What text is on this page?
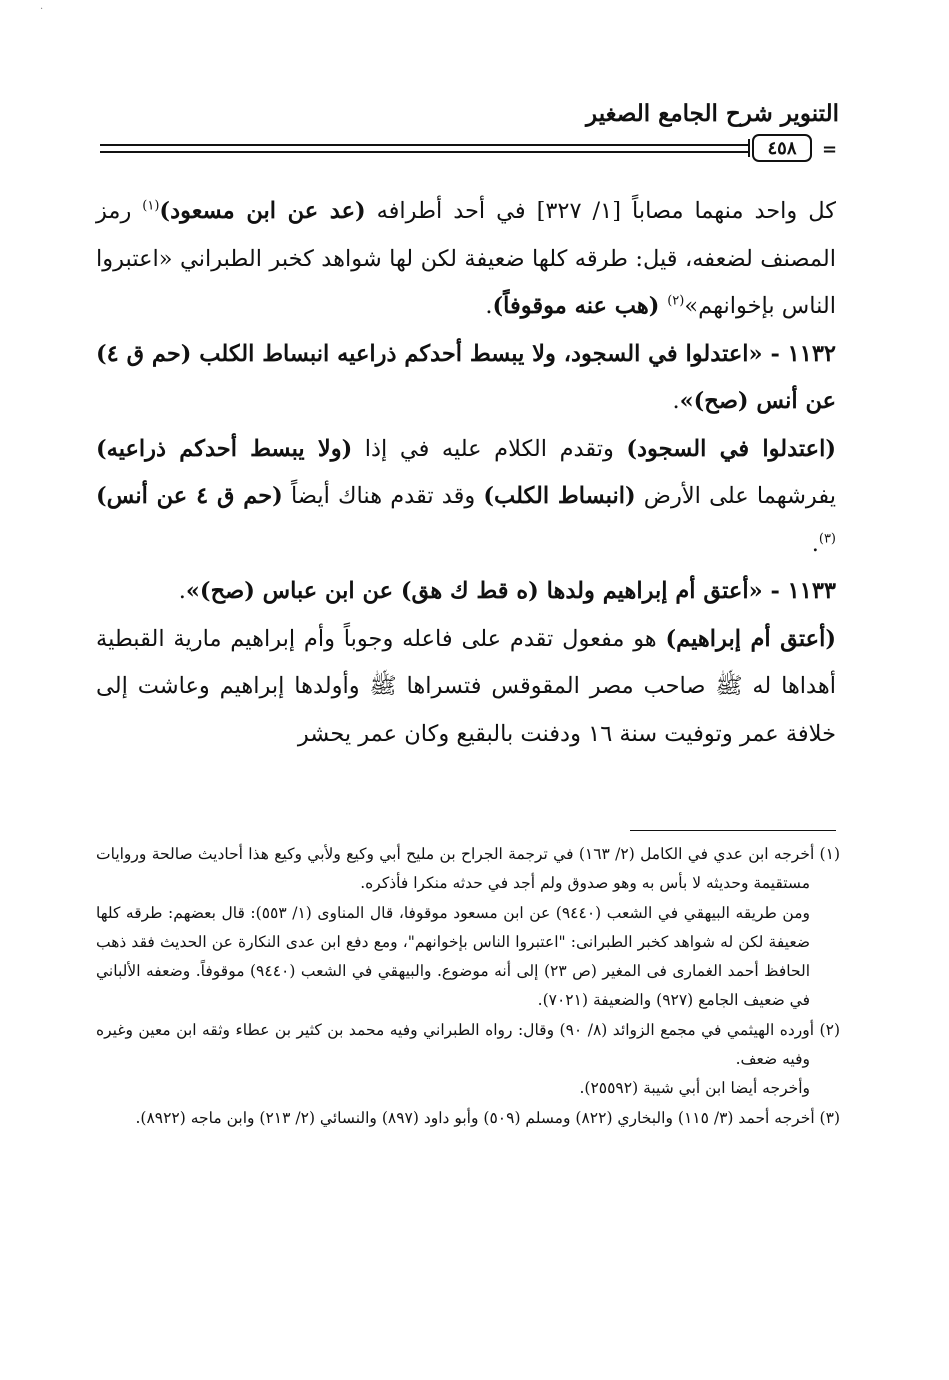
·
التنوير شرح الجامع الصغير
٤٥٨	=

كل واحد منهما مصاباً [١/ ٣٢٧] في أحد أطرافه (عد عن ابن مسعود)$^{(١)}$ رمز المصنف لضعفه، قيل: طرقه كلها ضعيفة لكن لها شواهد كخبر الطبراني «اعتبروا الناس بإخوانهم»$^{(٢)}$ (هب عنه موقوفاً).

١١٣٢ - «اعتدلوا في السجود، ولا يبسط أحدكم ذراعيه انبساط الكلب (حم ق ٤) عن أنس (صح)».

(اعتدلوا في السجود) وتقدم الكلام عليه في إذا (ولا يبسط أحدكم ذراعيه) يفرشهما على الأرض (انبساط الكلب) وقد تقدم هناك أيضاً (حم ق ٤ عن أنس)$^{(٣)}$.

١١٣٣ - «أعتق أم إبراهيم ولدها (ه قط ك هق) عن ابن عباس (صح)».

(أعتق أم إبراهيم) هو مفعول تقدم على فاعله وجوباً وأم إبراهيم مارية القبطية أهداها له ﷺ صاحب مصر المقوقس فتسراها ﷺ وأولدها إبراهيم وعاشت إلى خلافة عمر وتوفيت سنة ١٦ ودفنت بالبقيع وكان عمر يحشر

(١) أخرجه ابن عدي في الكامل (٢/ ١٦٣) في ترجمة الجراح بن مليح أبي وكيع ولأبي وكيع هذا أحاديث صالحة وروايات مستقيمة وحديثه لا بأس به وهو صدوق ولم أجد في حدثه منكرا فأذكره.

ومن طريقه البيهقي في الشعب (٩٤٤٠) عن ابن مسعود موقوفا، قال المناوى (١/ ٥٥٣): قال بعضهم: طرقه كلها ضعيفة لكن له شواهد كخبر الطبرانى: "اعتبروا الناس بإخوانهم"، ومع دفع ابن عدى النكارة عن الحديث فقد ذهب الحافظ أحمد الغمارى فى المغير (ص ٢٣) إلى أنه موضوع. والبيهقي في الشعب (٩٤٤٠) موقوفاً. وضعفه الألباني في ضعيف الجامع (٩٢٧) والضعيفة (٧٠٢١).

(٢) أورده الهيثمي في مجمع الزوائد (٨/ ٩٠) وقال: رواه الطبراني وفيه محمد بن كثير بن عطاء وثقه ابن معين وغيره وفيه ضعف.

وأخرجه أيضا ابن أبي شيبة (٢٥٥٩٢).

(٣) أخرجه أحمد (٣/ ١١٥) والبخاري (٨٢٢) ومسلم (٥٠٩) وأبو داود (٨٩٧) والنسائي (٢/ ٢١٣) وابن ماجه (٨٩٢٢).
